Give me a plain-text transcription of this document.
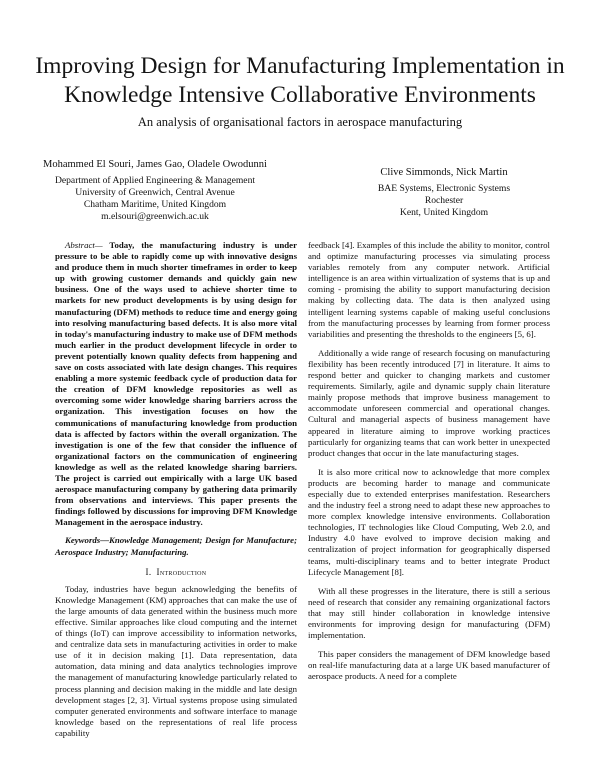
Improving Design for Manufacturing Implementation in Knowledge Intensive Collaborative Environments
An analysis of organisational factors in aerospace manufacturing
Mohammed El Souri, James Gao, Oladele Owodunni
Department of Applied Engineering & Management
University of Greenwich, Central Avenue
Chatham Maritime, United Kingdom
m.elsouri@greenwich.ac.uk
Clive Simmonds, Nick Martin
BAE Systems, Electronic Systems
Rochester
Kent, United Kingdom

Abstract— Today, the manufacturing industry is under pressure to be able to rapidly come up with innovative designs and produce them in much shorter timeframes in order to keep up with growing customer demands and quickly gain new business. One of the ways used to achieve shorter time to markets for new product developments is by using design for manufacturing (DFM) methods to reduce time and energy going into resolving manufacturing based defects. It is also more vital in today's manufacturing industry to make use of DFM methods much earlier in the product development lifecycle in order to prevent potentially known quality defects from happening and save on costs associated with late design changes. This requires enabling a more systemic feedback cycle of production data for the creation of DFM knowledge repositories as well as overcoming some wider knowledge sharing barriers across the organization. This investigation focuses on how the communications of manufacturing knowledge from production data is affected by factors within the overall organization. The investigation is one of the few that consider the influence of organizational factors on the communication of engineering knowledge as well as the related knowledge sharing barriers. The project is carried out empirically with a large UK based aerospace manufacturing company by gathering data primarily from observations and interviews. This paper presents the findings followed by discussions for improving DFM Knowledge Management in the aerospace industry.

Keywords—Knowledge Management; Design for Manufacture; Aerospace Industry; Manufacturing.

I. Introduction

Today, industries have begun acknowledging the benefits of Knowledge Management (KM) approaches that can make the use of the large amounts of data generated within the business much more effective. Similar approaches like cloud computing and the internet of things (IoT) can improve accessibility to information networks, and centralize data sets in manufacturing activities in order to make use of it in decision making [1]. Data representation, data automation, data mining and data analytics technologies improve the management of manufacturing knowledge particularly related to process planning and decision making in the middle and late design development stages [2, 3]. Virtual systems propose using simulated computer generated environments and software interface to manage knowledge based on the representations of real life process capability

feedback [4]. Examples of this include the ability to monitor, control and optimize manufacturing processes via simulating process variables remotely from any computer network. Artificial intelligence is an area within virtualization of systems that is up and coming - promising the ability to support manufacturing decision making by collecting data. The data is then analyzed using intelligent learning systems capable of making useful conclusions from the manufacturing processes by learning from former process variabilities and presenting the thresholds to the engineers [5, 6].

Additionally a wide range of research focusing on manufacturing flexibility has been recently introduced [7] in literature. It aims to respond better and quicker to changing markets and customer requirements. Similarly, agile and dynamic supply chain literature mainly propose methods that improve business management to accommodate unforeseen commercial and operational changes. Cultural and managerial aspects of business management have appeared in literature aiming to improve working practices particularly for organizing teams that can work better in unexpected product changes that occur in the late manufacturing stages.

It is also more critical now to acknowledge that more complex products are becoming harder to manage and communicate especially due to extended enterprises manifestation. Researchers and the industry feel a strong need to adapt these new approaches to more complex knowledge intensive environments. Collaboration technologies, IT technologies like Cloud Computing, Web 2.0, and Industry 4.0 have evolved to improve decision making and centralization of project information for geographically dispersed teams, multi-disciplinary teams and to better integrate Product Lifecycle Management [8].

With all these progresses in the literature, there is still a serious need of research that consider any remaining organizational factors that may still hinder collaboration in knowledge intensive environments for improving design for manufacturing (DFM) implementation.

This paper considers the management of DFM knowledge based on real-life manufacturing data at a large UK based manufacturer of aerospace products. A need for a complete
